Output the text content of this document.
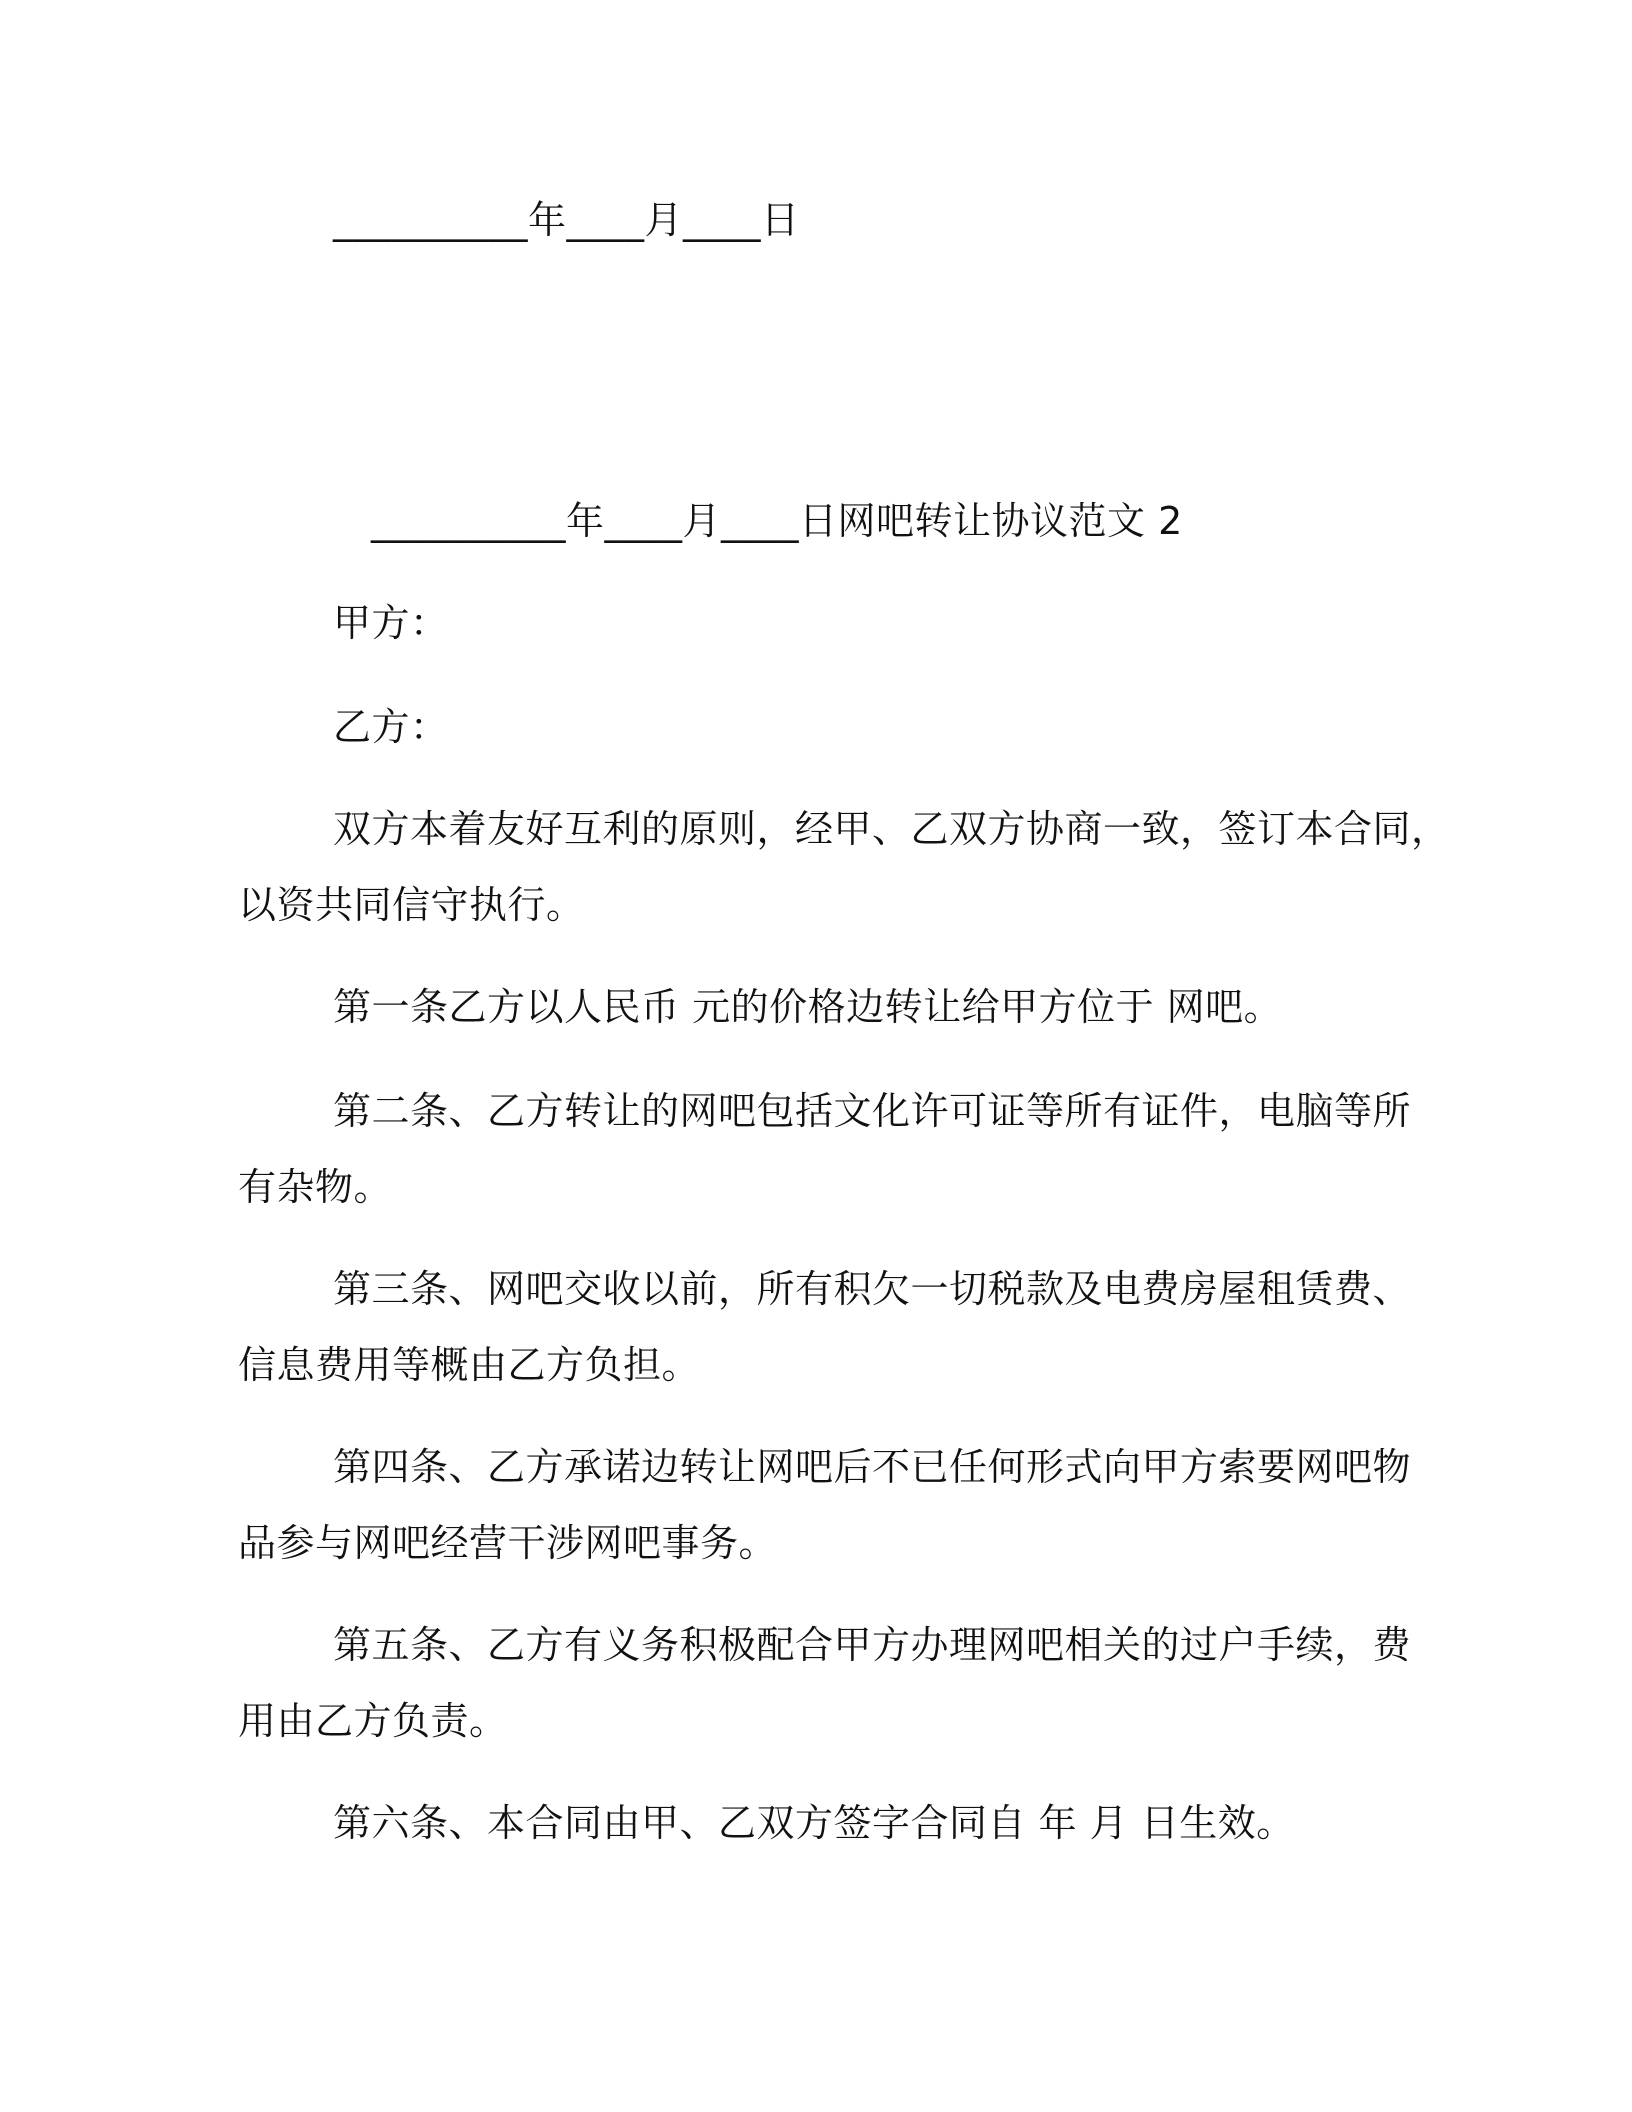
__________年____月____日
__________年____月____日网吧转让协议范文 2
甲方：
乙方：
双方本着友好互利的原则，经甲、乙双方协商一致，签订本合同，
以资共同信守执行。
第一条乙方以人民币 元的价格边转让给甲方位于 网吧。
第二条、乙方转让的网吧包括文化许可证等所有证件，电脑等所
有杂物。
第三条、网吧交收以前，所有积欠一切税款及电费房屋租赁费、
信息费用等概由乙方负担。
第四条、乙方承诺边转让网吧后不已任何形式向甲方索要网吧物
品参与网吧经营干涉网吧事务。
第五条、乙方有义务积极配合甲方办理网吧相关的过户手续，费
用由乙方负责。
第六条、本合同由甲、乙双方签字合同自 年 月 日生效。
